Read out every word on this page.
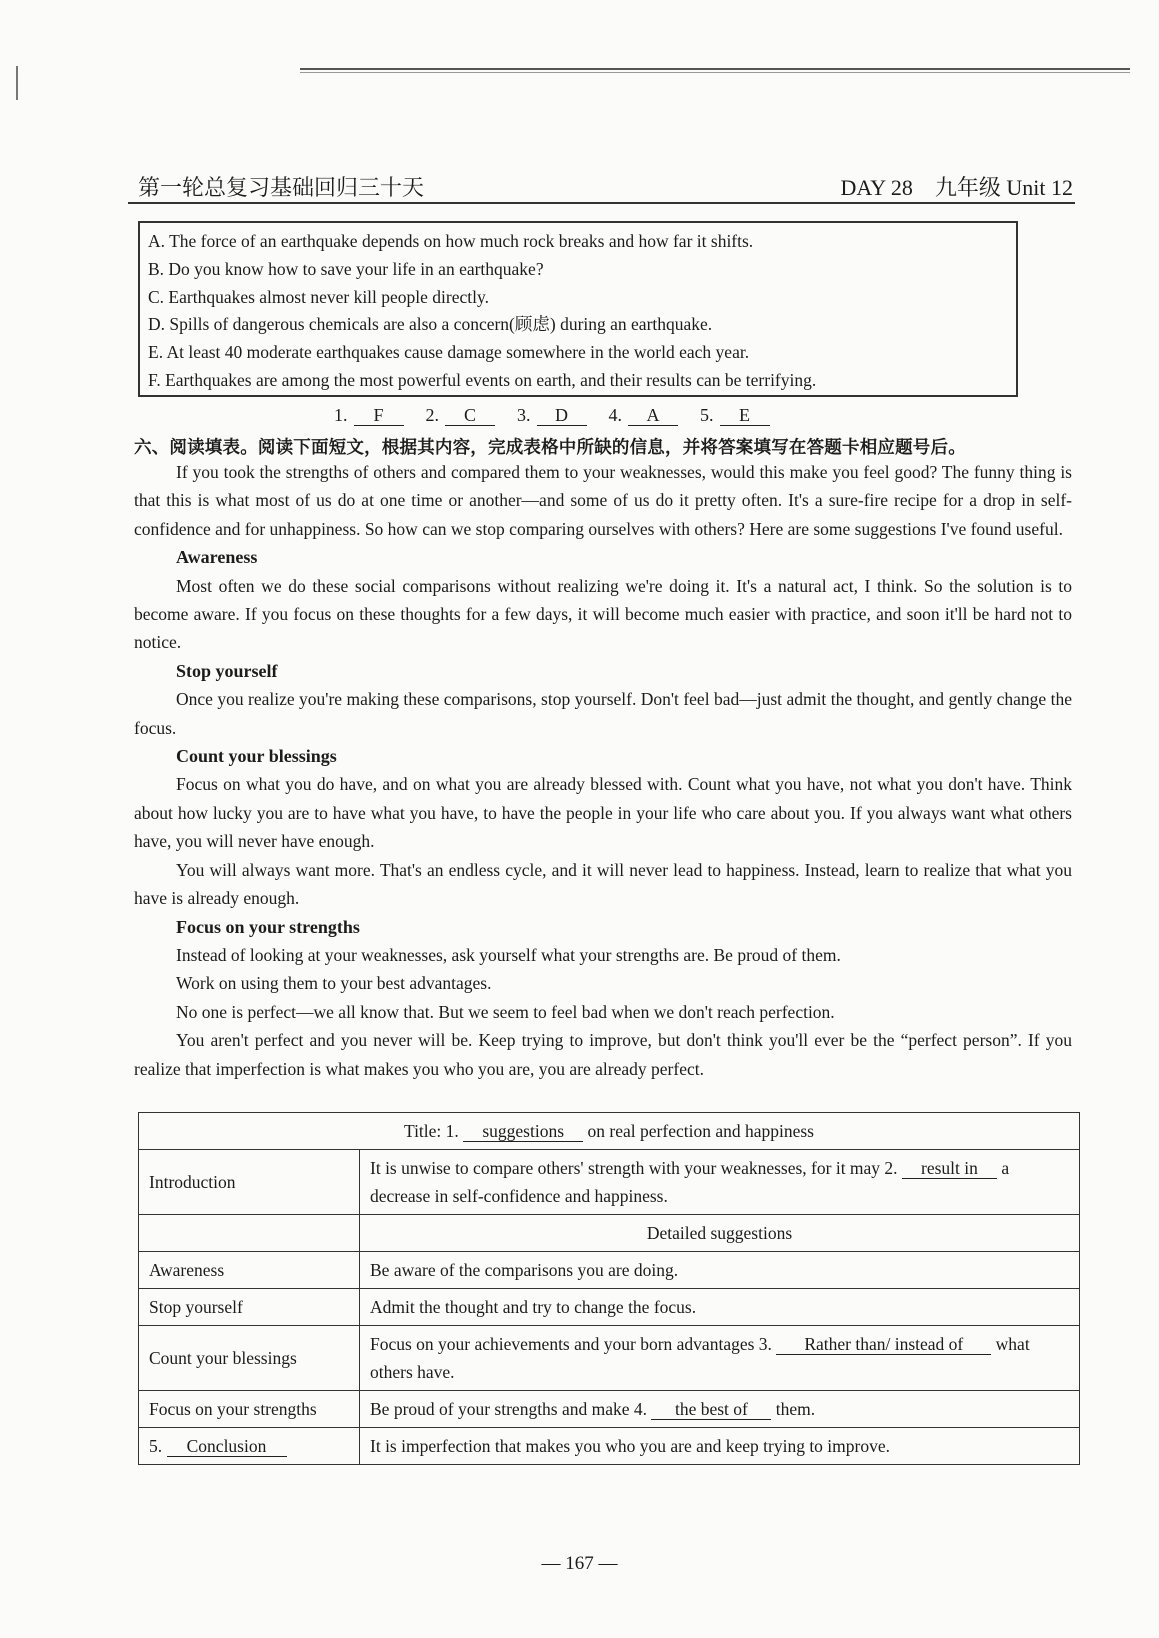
第一轮总复习基础回归三十天	DAY 28　九年级 Unit 12
A. The force of an earthquake depends on how much rock breaks and how far it shifts.
B. Do you know how to save your life in an earthquake?
C. Earthquakes almost never kill people directly.
D. Spills of dangerous chemicals are also a concern(顾虑) during an earthquake.
E. At least 40 moderate earthquakes cause damage somewhere in the world each year.
F. Earthquakes are among the most powerful events on earth, and their results can be terrifying.
1.	F	2.	C	3.	D	4.	A	5.	E
六、阅读填表。阅读下面短文，根据其内容，完成表格中所缺的信息，并将答案填写在答题卡相应题号后。

If you took the strengths of others and compared them to your weaknesses, would this make you feel good? The funny thing is that this is what most of us do at one time or another—and some of us do it pretty often. It's a sure-fire recipe for a drop in self-confidence and for unhappiness. So how can we stop comparing ourselves with others? Here are some suggestions I've found useful.

Awareness

Most often we do these social comparisons without realizing we're doing it. It's a natural act, I think. So the solution is to become aware. If you focus on these thoughts for a few days, it will become much easier with practice, and soon it'll be hard not to notice.

Stop yourself

Once you realize you're making these comparisons, stop yourself. Don't feel bad—just admit the thought, and gently change the focus.

Count your blessings

Focus on what you do have, and on what you are already blessed with. Count what you have, not what you don't have. Think about how lucky you are to have what you have, to have the people in your life who care about you. If you always want what others have, you will never have enough.

You will always want more. That's an endless cycle, and it will never lead to happiness. Instead, learn to realize that what you have is already enough.

Focus on your strengths

Instead of looking at your weaknesses, ask yourself what your strengths are. Be proud of them.

Work on using them to your best advantages.

No one is perfect—we all know that. But we seem to feel bad when we don't reach perfection.

You aren't perfect and you never will be. Keep trying to improve, but don't think you'll ever be the “perfect person”. If you realize that imperfection is what makes you who you are, you are already perfect.

Title: 1. suggestions on real perfection and happiness	
Introduction	It is unwise to compare others' strength with your weaknesses, for it may 2. result in a decrease in self-confidence and happiness.
	Detailed suggestions
Awareness	Be aware of the comparisons you are doing.
Stop yourself	Admit the thought and try to change the focus.
Count your blessings	Focus on your achievements and your born advantages 3. Rather than/ instead of what others have.
Focus on your strengths	Be proud of your strengths and make 4. the best of them.
5. Conclusion	It is imperfection that makes you who you are and keep trying to improve.
— 167 —
